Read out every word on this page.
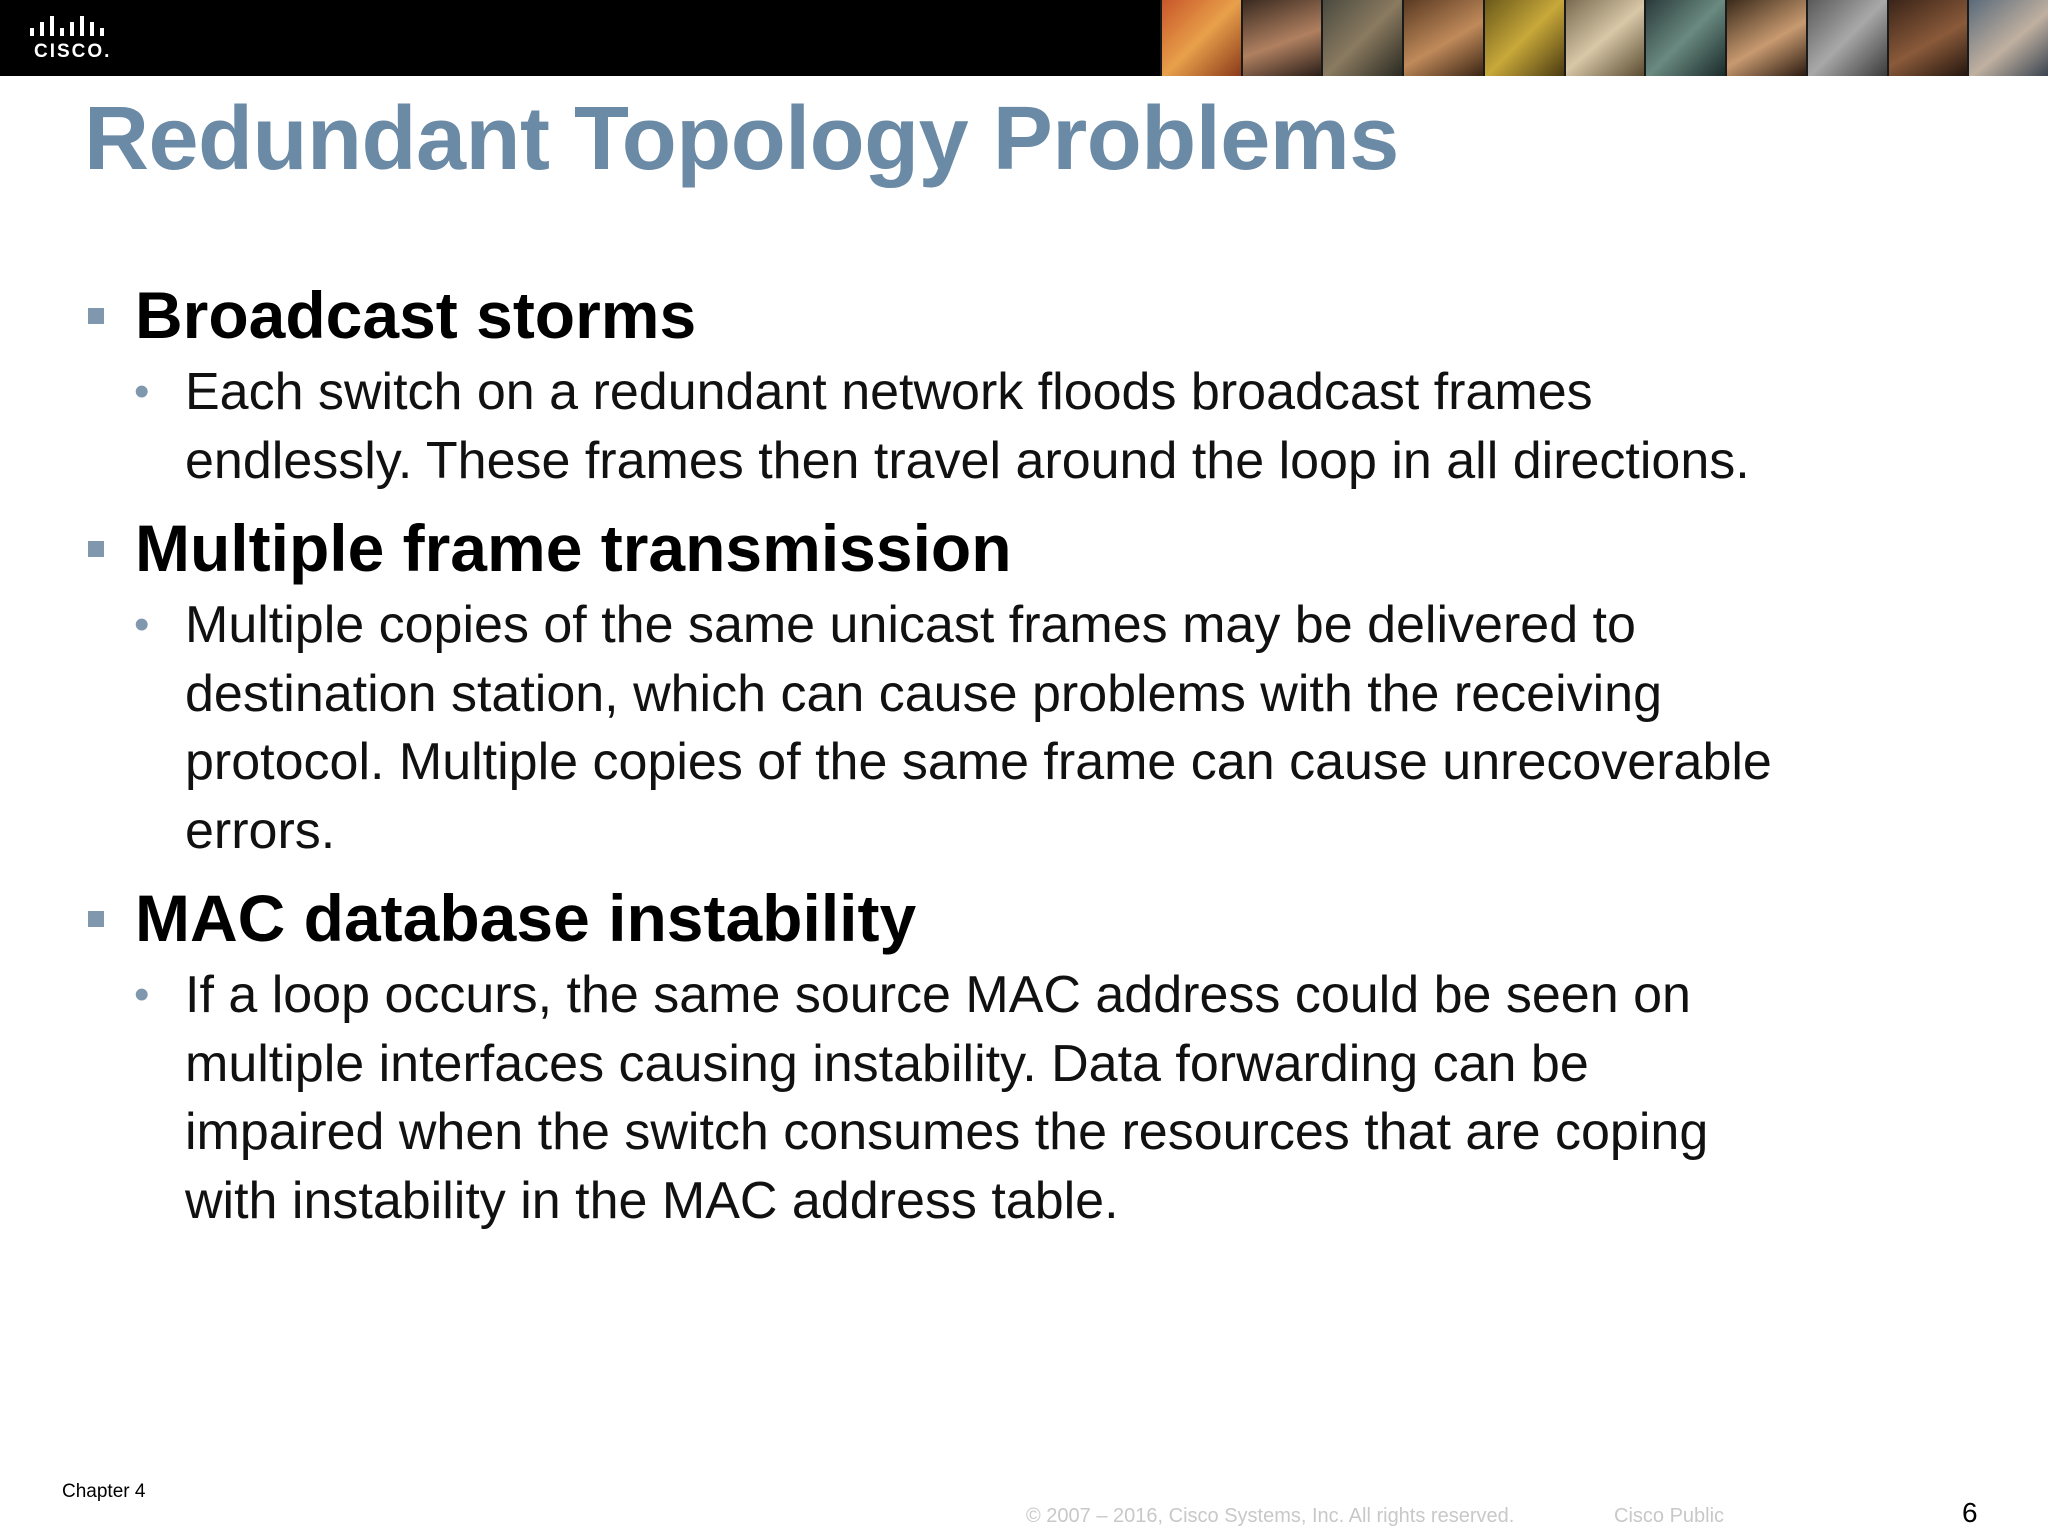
CISCO.
Redundant Topology Problems
Broadcast storms
• Each switch on a redundant network floods broadcast frames
endlessly. These frames then travel around the loop in all directions.
Multiple frame transmission
• Multiple copies of the same unicast frames may be delivered to
destination station, which can cause problems with the receiving
protocol. Multiple copies of the same frame can cause unrecoverable
errors.
MAC database instability
• If a loop occurs, the same source MAC address could be seen on
multiple interfaces causing instability. Data forwarding can be
impaired when the switch consumes the resources that are coping
with instability in the MAC address table.
Chapter 4
© 2007 – 2016, Cisco Systems, Inc. All rights reserved.	Cisco Public	6
